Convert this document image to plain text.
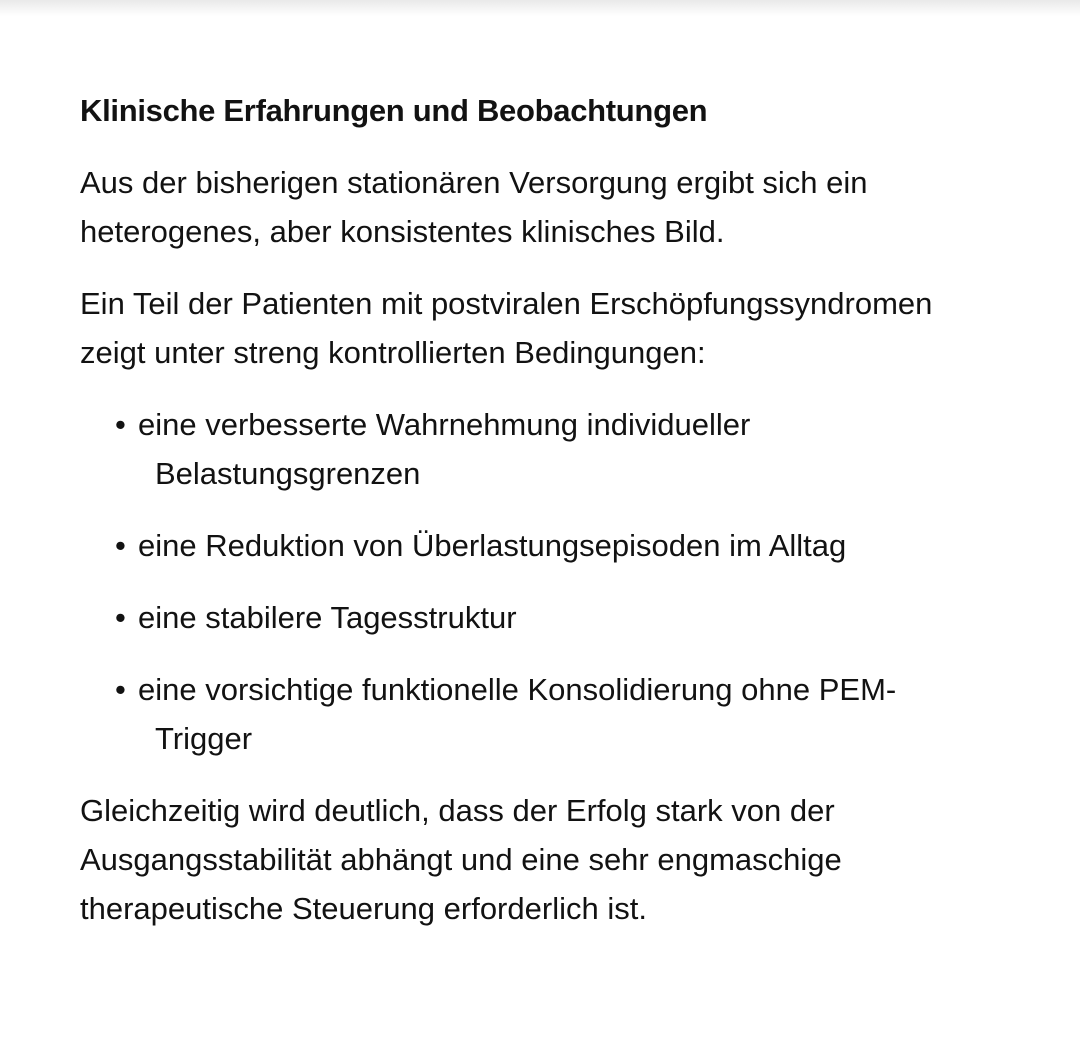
Klinische Erfahrungen und Beobachtungen

Aus der bisherigen stationären Versorgung ergibt sich ein heterogenes, aber konsistentes klinisches Bild.

Ein Teil der Patienten mit postviralen Erschöpfungssyndromen zeigt unter streng kontrollierten Bedingungen:

• eine verbesserte Wahrnehmung individueller Belastungsgrenzen
• eine Reduktion von Überlastungsepisoden im Alltag
• eine stabilere Tagesstruktur
• eine vorsichtige funktionelle Konsolidierung ohne PEM-Trigger

Gleichzeitig wird deutlich, dass der Erfolg stark von der Ausgangsstabilität abhängt und eine sehr engmaschige therapeutische Steuerung erforderlich ist.
